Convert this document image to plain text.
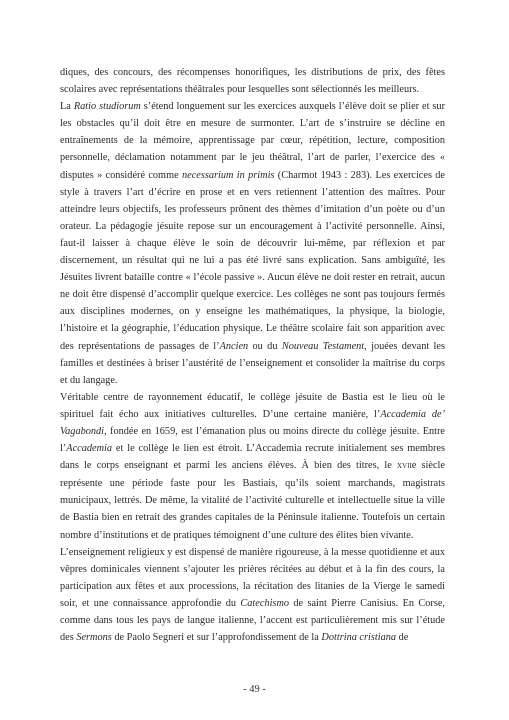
diques, des concours, des récompenses honorifiques, les distributions de prix, des fêtes scolaires avec représentations théâtrales pour lesquelles sont sélectionnés les meilleurs.

La Ratio studiorum s’étend longuement sur les exercices auxquels l’élève doit se plier et sur les obstacles qu’il doit être en mesure de surmonter. L’art de s’instruire se décline en entraînements de la mémoire, apprentissage par cœur, répétition, lecture, composition personnelle, déclamation notamment par le jeu théâtral, l’art de parler, l’exercice des « disputes » considéré comme necessarium in primis (Charmot 1943 : 283). Les exercices de style à travers l’art d’écrire en prose et en vers retiennent l’attention des maîtres. Pour atteindre leurs objectifs, les professeurs prônent des thèmes d’imitation d’un poète ou d’un orateur. La pédagogie jésuite repose sur un encouragement à l’activité personnelle. Ainsi, faut-il laisser à chaque élève le soin de découvrir lui-même, par réflexion et par discernement, un résultat qui ne lui a pas été livré sans explication. Sans ambiguïté, les Jésuites livrent bataille contre « l’école passive ». Aucun élève ne doit rester en retrait, aucun ne doit être dispensé d’accomplir quelque exercice. Les collèges ne sont pas toujours fermés aux disciplines modernes, on y enseigne les mathématiques, la physique, la biologie, l’histoire et la géographie, l’éducation physique. Le théâtre scolaire fait son apparition avec des représentations de passages de l’Ancien ou du Nouveau Testament, jouées devant les familles et destinées à briser l’austérité de l’enseignement et consolider la maîtrise du corps et du langage.

Véritable centre de rayonnement éducatif, le collège jésuite de Bastia est le lieu où le spirituel fait écho aux initiatives culturelles. D’une certaine manière, l’Accademia de’ Vagabondi, fondée en 1659, est l’émanation plus ou moins directe du collège jésuite. Entre l’Accademia et le collège le lien est étroit. L’Accademia recrute initialement ses membres dans le corps enseignant et parmi les anciens élèves. À bien des titres, le xviie siècle représente une période faste pour les Bastiais, qu’ils soient marchands, magistrats municipaux, lettrés. De même, la vitalité de l’activité culturelle et intellectuelle situe la ville de Bastia bien en retrait des grandes capitales de la Péninsule italienne. Toutefois un certain nombre d’institutions et de pratiques témoignent d’une culture des élites bien vivante.

L’enseignement religieux y est dispensé de manière rigoureuse, à la messe quotidienne et aux vêpres dominicales viennent s’ajouter les prières récitées au début et à la fin des cours, la participation aux fêtes et aux processions, la récitation des litanies de la Vierge le samedi soir, et une connaissance approfondie du Catechismo de saint Pierre Canisius. En Corse, comme dans tous les pays de langue italienne, l’accent est particulièrement mis sur l’étude des Sermons de Paolo Segneri et sur l’approfondissement de la Dottrina cristiana de

- 49 -
